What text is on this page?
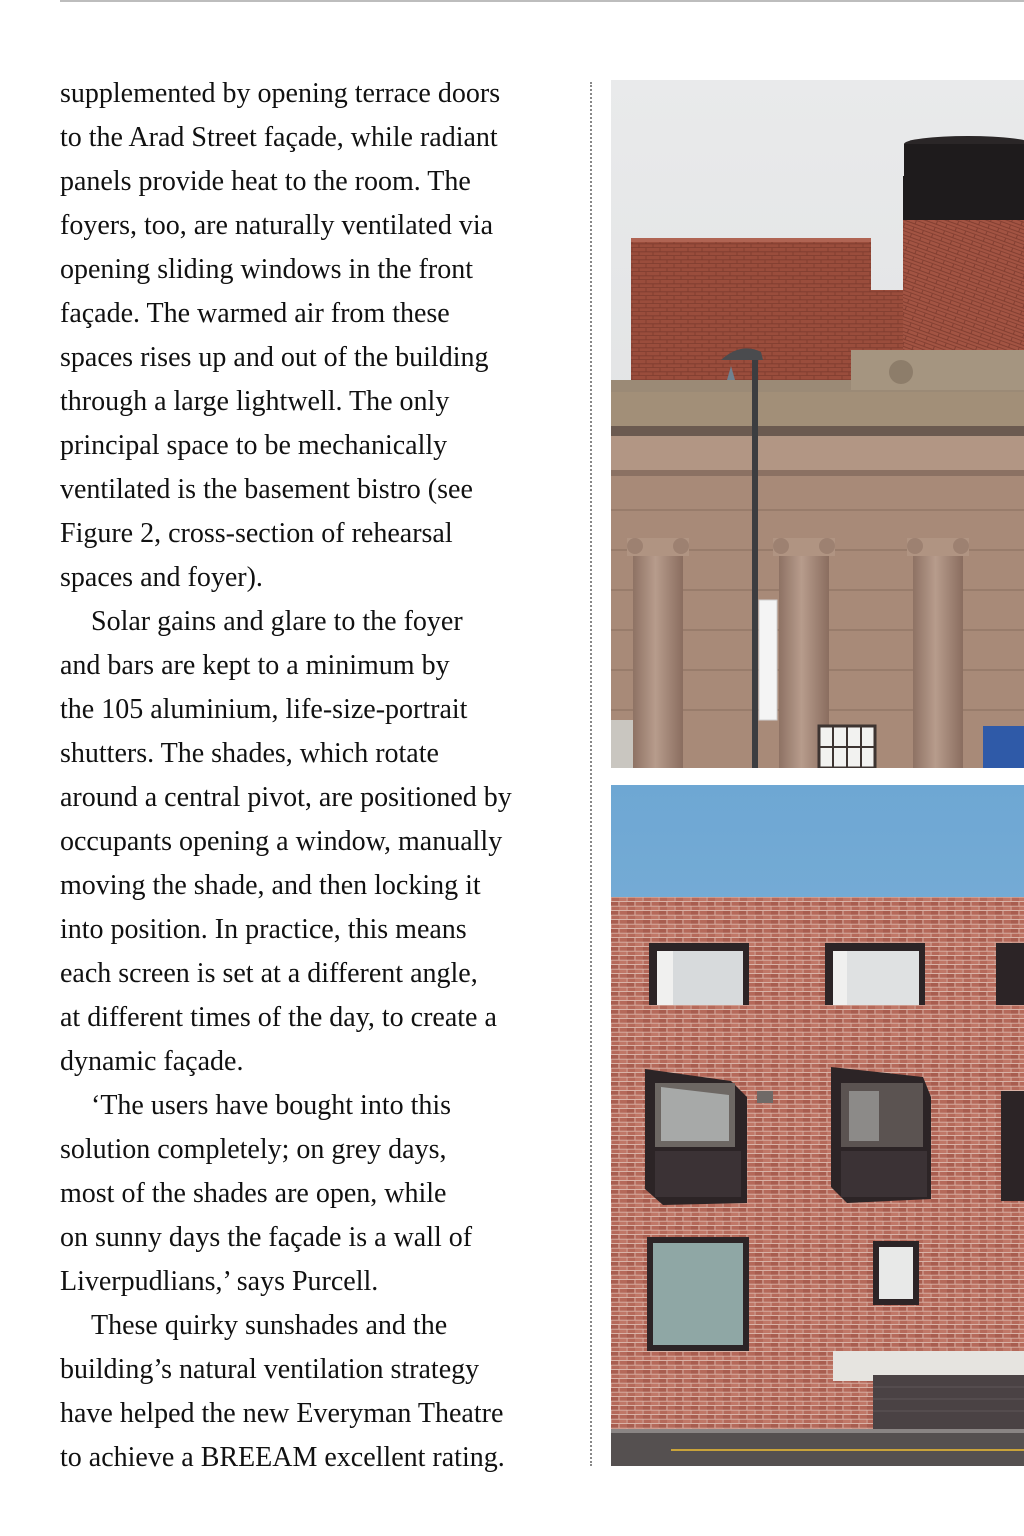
supplemented by opening terrace doors
to the Arad Street façade, while radiant
panels provide heat to the room. The
foyers, too, are naturally ventilated via
opening sliding windows in the front
façade. The warmed air from these
spaces rises up and out of the building
through a large lightwell. The only
principal space to be mechanically
ventilated is the basement bistro (see
Figure 2, cross-section of rehearsal
spaces and foyer).

Solar gains and glare to the foyer
and bars are kept to a minimum by
the 105 aluminium, life-size-portrait
shutters. The shades, which rotate
around a central pivot, are positioned by
occupants opening a window, manually
moving the shade, and then locking it
into position. In practice, this means
each screen is set at a different angle,
at different times of the day, to create a
dynamic façade.

‘The users have bought into this
solution completely; on grey days,
most of the shades are open, while
on sunny days the façade is a wall of
Liverpudlians,’ says Purcell.

These quirky sunshades and the
building’s natural ventilation strategy
have helped the new Everyman Theatre
to achieve a BREEAM excellent rating.
